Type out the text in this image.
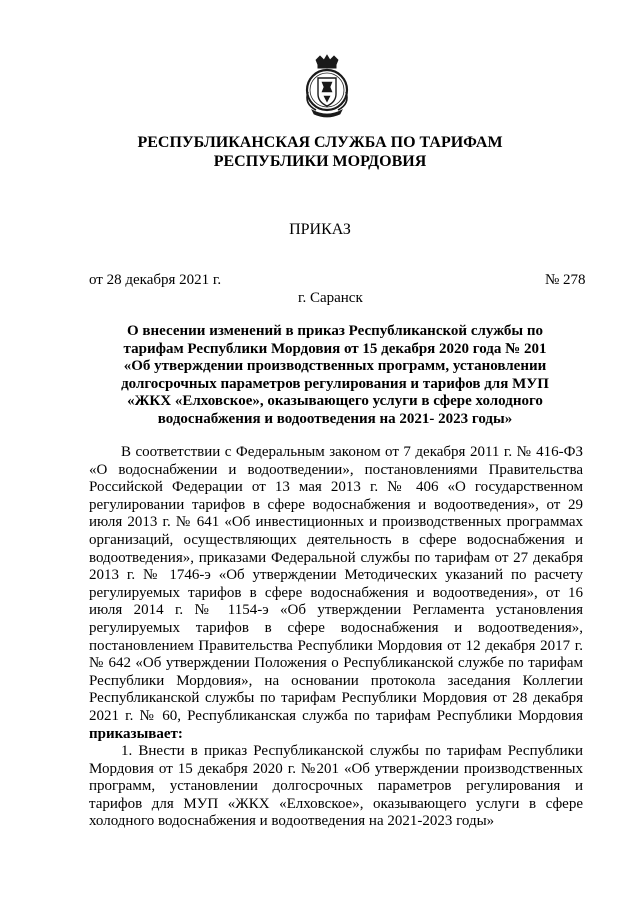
РЕСПУБЛИКАНСКАЯ СЛУЖБА ПО ТАРИФАМ
РЕСПУБЛИКИ МОРДОВИЯ
ПРИКАЗ
от 28 декабря 2021 г.	№ 278
г. Саранск
О внесении изменений в приказ Республиканской службы по тарифам Республики Мордовия от 15 декабря 2020 года № 201 «Об утверждении производственных программ, установлении долгосрочных параметров регулирования и тарифов для МУП «ЖКХ «Елховское», оказывающего услуги в сфере холодного водоснабжения и водоотведения на 2021- 2023 годы»

В соответствии с Федеральным законом от 7 декабря 2011 г. № 416-ФЗ «О водоснабжении и водоотведении», постановлениями Правительства Российской Федерации от 13 мая 2013 г. № 406 «О государственном регулировании тарифов в сфере водоснабжения и водоотведения», от 29 июля 2013 г. № 641 «Об инвестиционных и производственных программах организаций, осуществляющих деятельность в сфере водоснабжения и водоотведения», приказами Федеральной службы по тарифам от 27 декабря 2013 г. № 1746-э «Об утверждении Методических указаний по расчету регулируемых тарифов в сфере водоснабжения и водоотведения», от 16 июля 2014 г. № 1154-э «Об утверждении Регламента установления регулируемых тарифов в сфере водоснабжения и водоотведения», постановлением Правительства Республики Мордовия от 12 декабря 2017 г. № 642 «Об утверждении Положения о Республиканской службе по тарифам Республики Мордовия», на основании протокола заседания Коллегии Республиканской службы по тарифам Республики Мордовия от 28 декабря 2021 г. № 60, Республиканская служба по тарифам Республики Мордовия приказывает:

1. Внести в приказ Республиканской службы по тарифам Республики Мордовия от 15 декабря 2020 г. №201 «Об утверждении производственных программ, установлении долгосрочных параметров регулирования и тарифов для МУП «ЖКХ «Елховское», оказывающего услуги в сфере холодного водоснабжения и водоотведения на 2021-2023 годы»
